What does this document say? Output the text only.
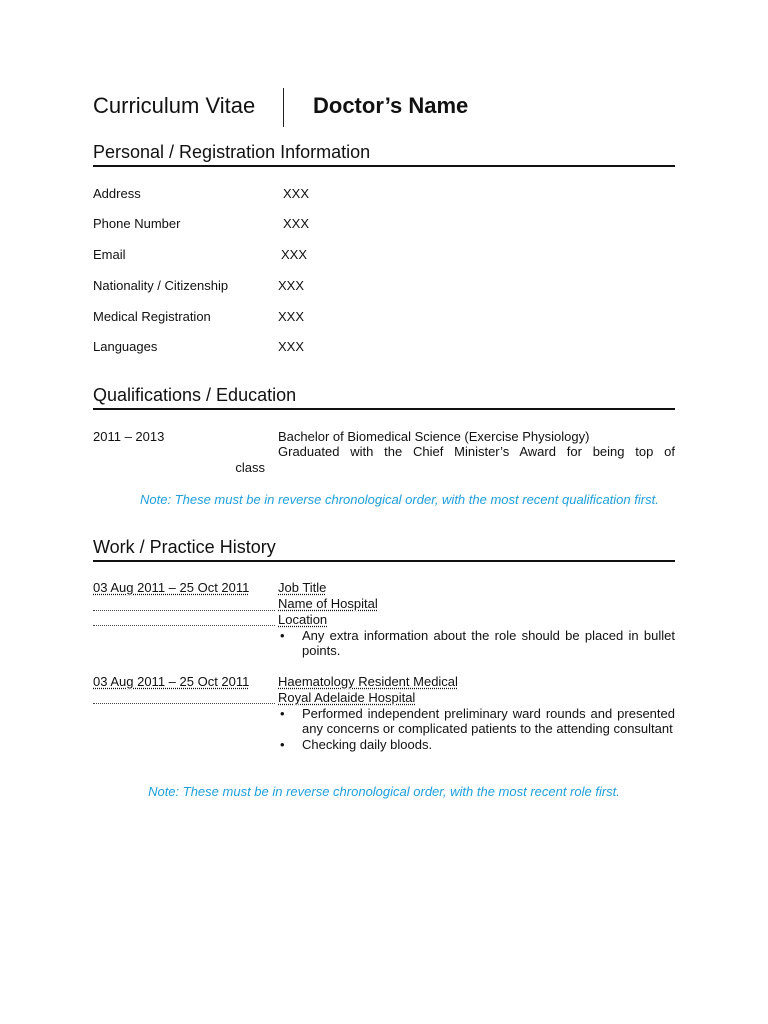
Curriculum Vitae	Doctor’s Name
Personal / Registration Information
Address	XXX
Phone Number	XXX
Email	XXX
Nationality / Citizenship	XXX
Medical Registration	XXX
Languages	XXX
Qualifications / Education
2011 – 2013	Bachelor of Biomedical Science (Exercise Physiology)
Graduated with the Chief Minister’s Award for being top of
class
Note: These must be in reverse chronological order, with the most recent qualification first.
Work / Practice History
03 Aug 2011 – 25 Oct 2011 Job Title
Name of Hospital
Location
• Any extra information about the role should be placed in bullet points.
03 Aug 2011 – 25 Oct 2011 Haematology Resident Medical
Royal Adelaide Hospital
• Performed independent preliminary ward rounds and presented any concerns or complicated patients to the attending consultant
• Checking daily bloods.
Note: These must be in reverse chronological order, with the most recent role first.
